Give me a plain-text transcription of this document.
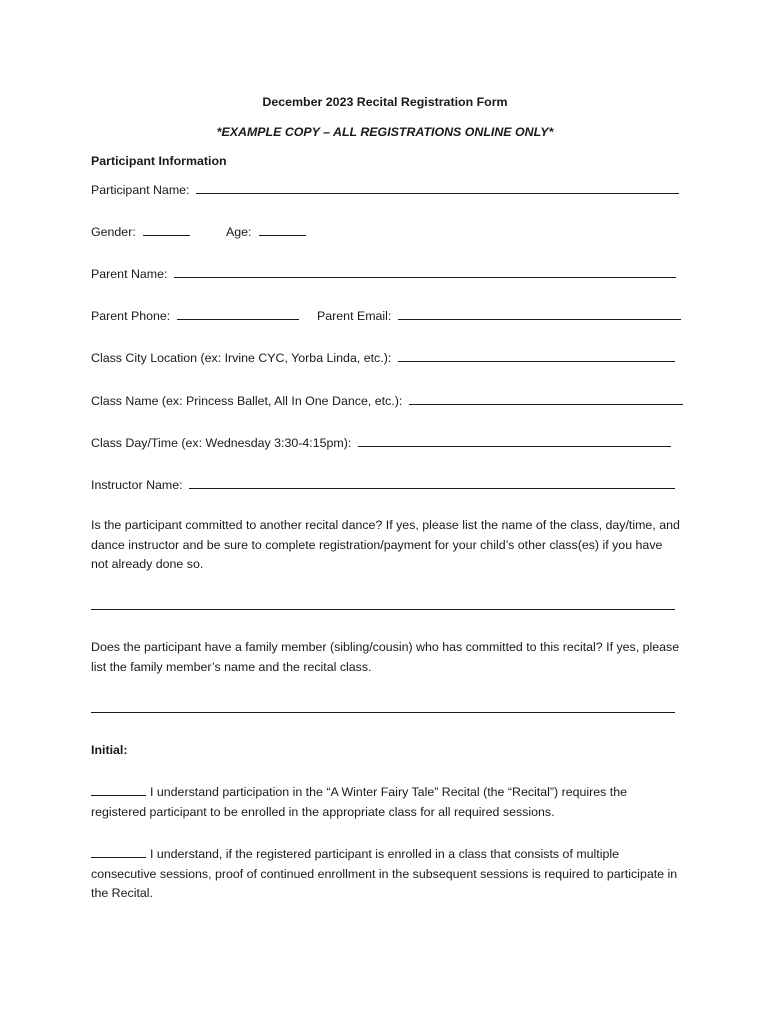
December 2023 Recital Registration Form
*EXAMPLE COPY – ALL REGISTRATIONS ONLINE ONLY*
Participant Information
Participant Name:
Gender:	Age:
Parent Name:
Parent Phone:	Parent Email:
Class City Location (ex: Irvine CYC, Yorba Linda, etc.):
Class Name (ex: Princess Ballet, All In One Dance, etc.):
Class Day/Time (ex: Wednesday 3:30-4:15pm):
Instructor Name:
Is the participant committed to another recital dance? If yes, please list the name of the class, day/time, and dance instructor and be sure to complete registration/payment for your child’s other class(es) if you have not already done so.
Does the participant have a family member (sibling/cousin) who has committed to this recital? If yes, please list the family member’s name and the recital class.
Initial:
I understand participation in the “A Winter Fairy Tale” Recital (the “Recital”) requires the registered participant to be enrolled in the appropriate class for all required sessions.
I understand, if the registered participant is enrolled in a class that consists of multiple consecutive sessions, proof of continued enrollment in the subsequent sessions is required to participate in the Recital.
